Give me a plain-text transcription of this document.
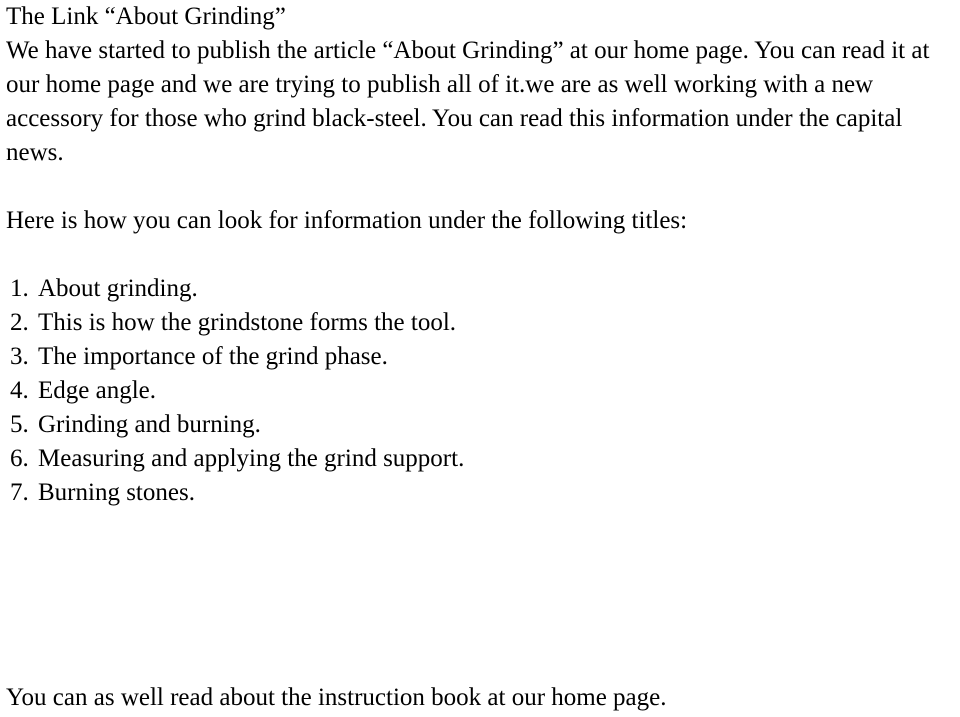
The Link “About Grinding”

We have started to publish the article “About Grinding” at our home page. You can read it at our home page and we are trying to publish all of it.we are as well working with a new accessory for those who grind black-steel. You can read this information under the capital news.

Here is how you can look for information under the following titles:

1. About grinding.
2. This is how the grindstone forms the tool.
3. The importance of the grind phase.
4. Edge angle.
5. Grinding and burning.
6. Measuring and applying the grind support.
7. Burning stones.

You can as well read about the instruction book at our home page.
